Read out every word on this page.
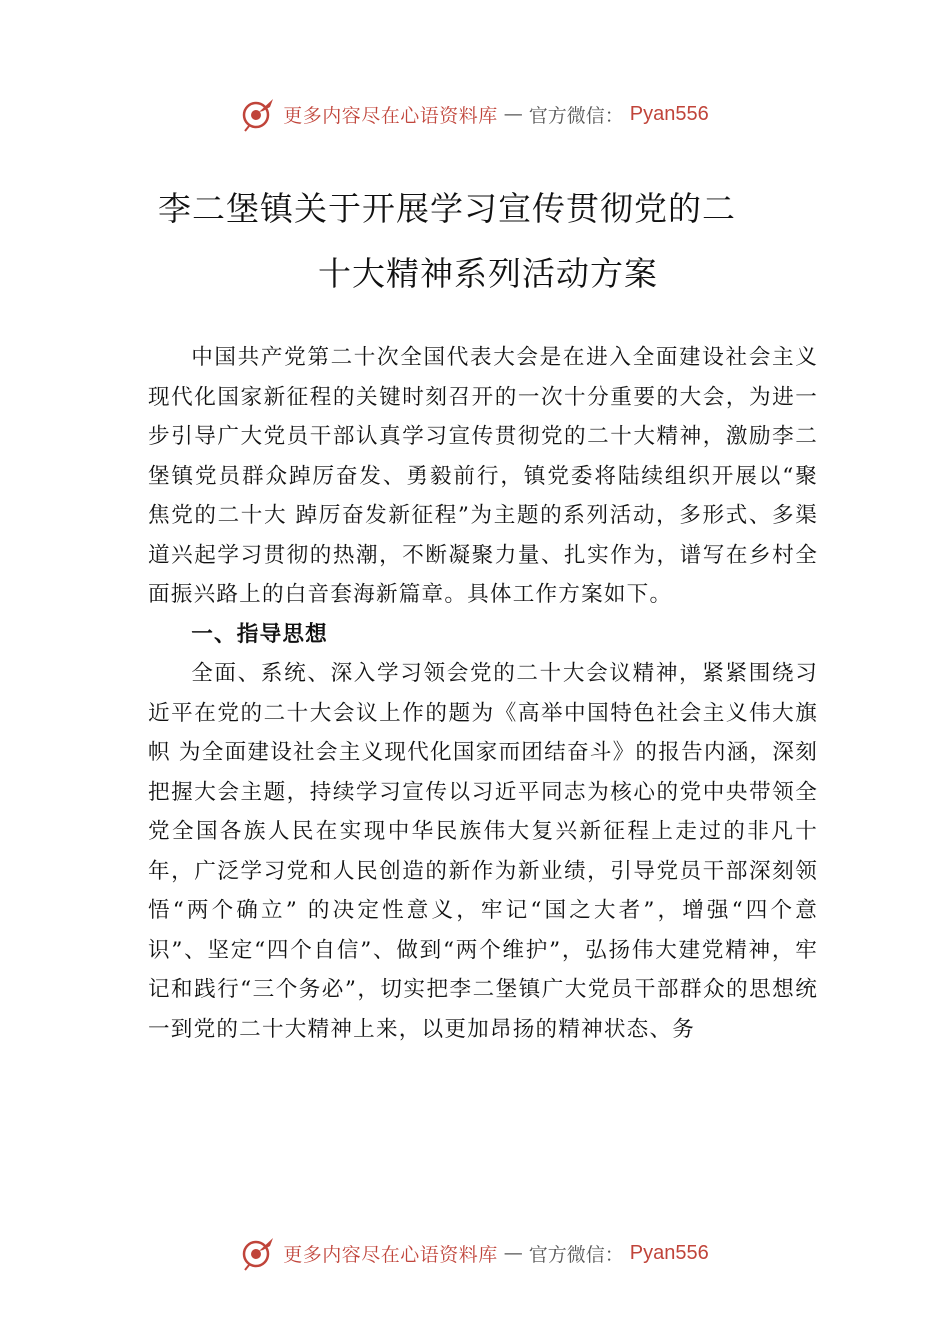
更多内容尽在心语资料库 — 官方微信： Pyan556
李二堡镇关于开展学习宣传贯彻党的二
十大精神系列活动方案

中国共产党第二十次全国代表大会是在进入全面建设社会主义现代化国家新征程的关键时刻召开的一次十分重要的大会，为进一步引导广大党员干部认真学习宣传贯彻党的二十大精神，激励李二堡镇党员群众踔厉奋发、勇毅前行，镇党委将陆续组织开展以“聚焦党的二十大 踔厉奋发新征程”为主题的系列活动，多形式、多渠道兴起学习贯彻的热潮，不断凝聚力量、扎实作为，谱写在乡村全面振兴路上的白音套海新篇章。具体工作方案如下。

一、指导思想

全面、系统、深入学习领会党的二十大会议精神，紧紧围绕习近平在党的二十大会议上作的题为《高举中国特色社会主义伟大旗帜 为全面建设社会主义现代化国家而团结奋斗》的报告内涵，深刻把握大会主题，持续学习宣传以习近平同志为核心的党中央带领全党全国各族人民在实现中华民族伟大复兴新征程上走过的非凡十年，广泛学习党和人民创造的新作为新业绩，引导党员干部深刻领悟“两个确立” 的决定性意义，牢记“国之大者”，增强“四个意识”、坚定“四个自信”、做到“两个维护”，弘扬伟大建党精神，牢记和践行“三个务必”，切实把李二堡镇广大党员干部群众的思想统一到党的二十大精神上来，以更加昂扬的精神状态、务

更多内容尽在心语资料库 — 官方微信： Pyan556
